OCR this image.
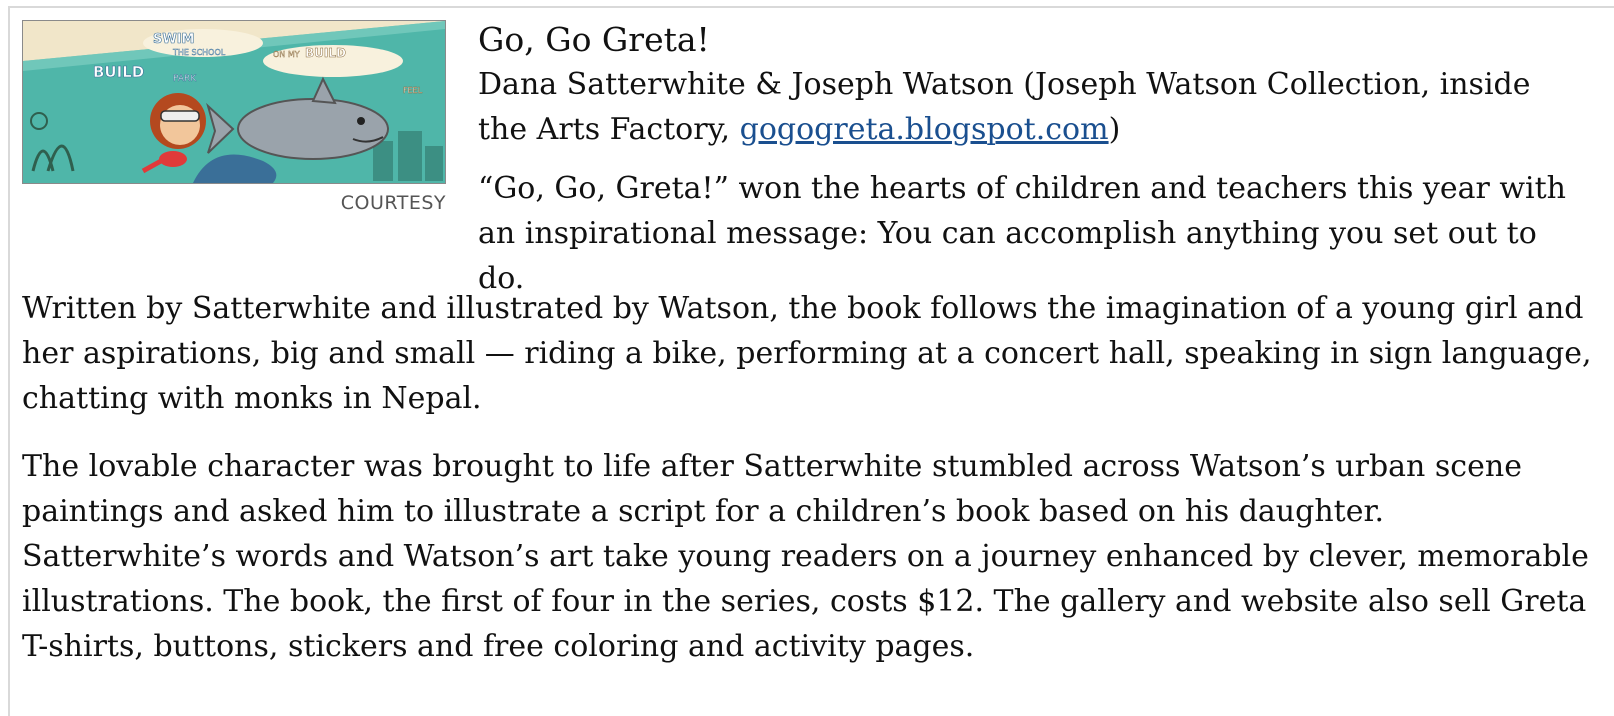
SWIM
THE SCHOOL
BUILD	PARK
ON MY BUILD
FEEL
COURTESY
Go, Go Greta!

Dana Satterwhite & Joseph Watson (Joseph Watson Collection, inside the Arts Factory, gogogreta.blogspot.com)

“Go, Go, Greta!” won the hearts of children and teachers this year with an inspirational message: You can accomplish anything you set out to do.

Written by Satterwhite and illustrated by Watson, the book follows the imagination of a young girl and her aspirations, big and small — riding a bike, performing at a concert hall, speaking in sign language, chatting with monks in Nepal.

The lovable character was brought to life after Satterwhite stumbled across Watson’s urban scene paintings and asked him to illustrate a script for a children’s book based on his daughter. Satterwhite’s words and Watson’s art take young readers on a journey enhanced by clever, memorable illustrations. The book, the first of four in the series, costs $12. The gallery and website also sell Greta T-shirts, buttons, stickers and free coloring and activity pages.
